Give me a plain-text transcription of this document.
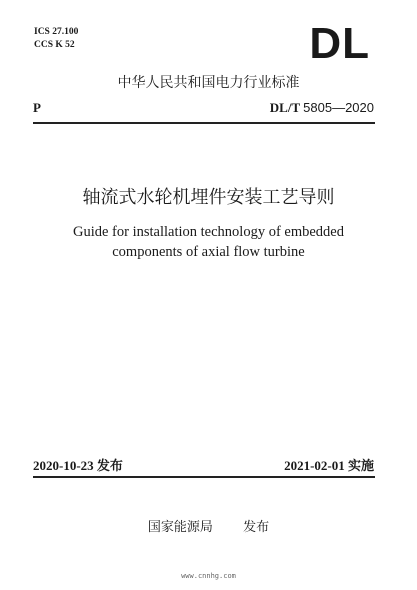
ICS 27.100
CCS K 52	DL
中华人民共和国电力行业标准
P	DL/T 5805—2020
轴流式水轮机埋件安装工艺导则
Guide for installation technology of embedded
components of axial flow turbine
2020-10-23 发布	2021-02-01 实施
国家能源局 发布
www.cnnhg.com
